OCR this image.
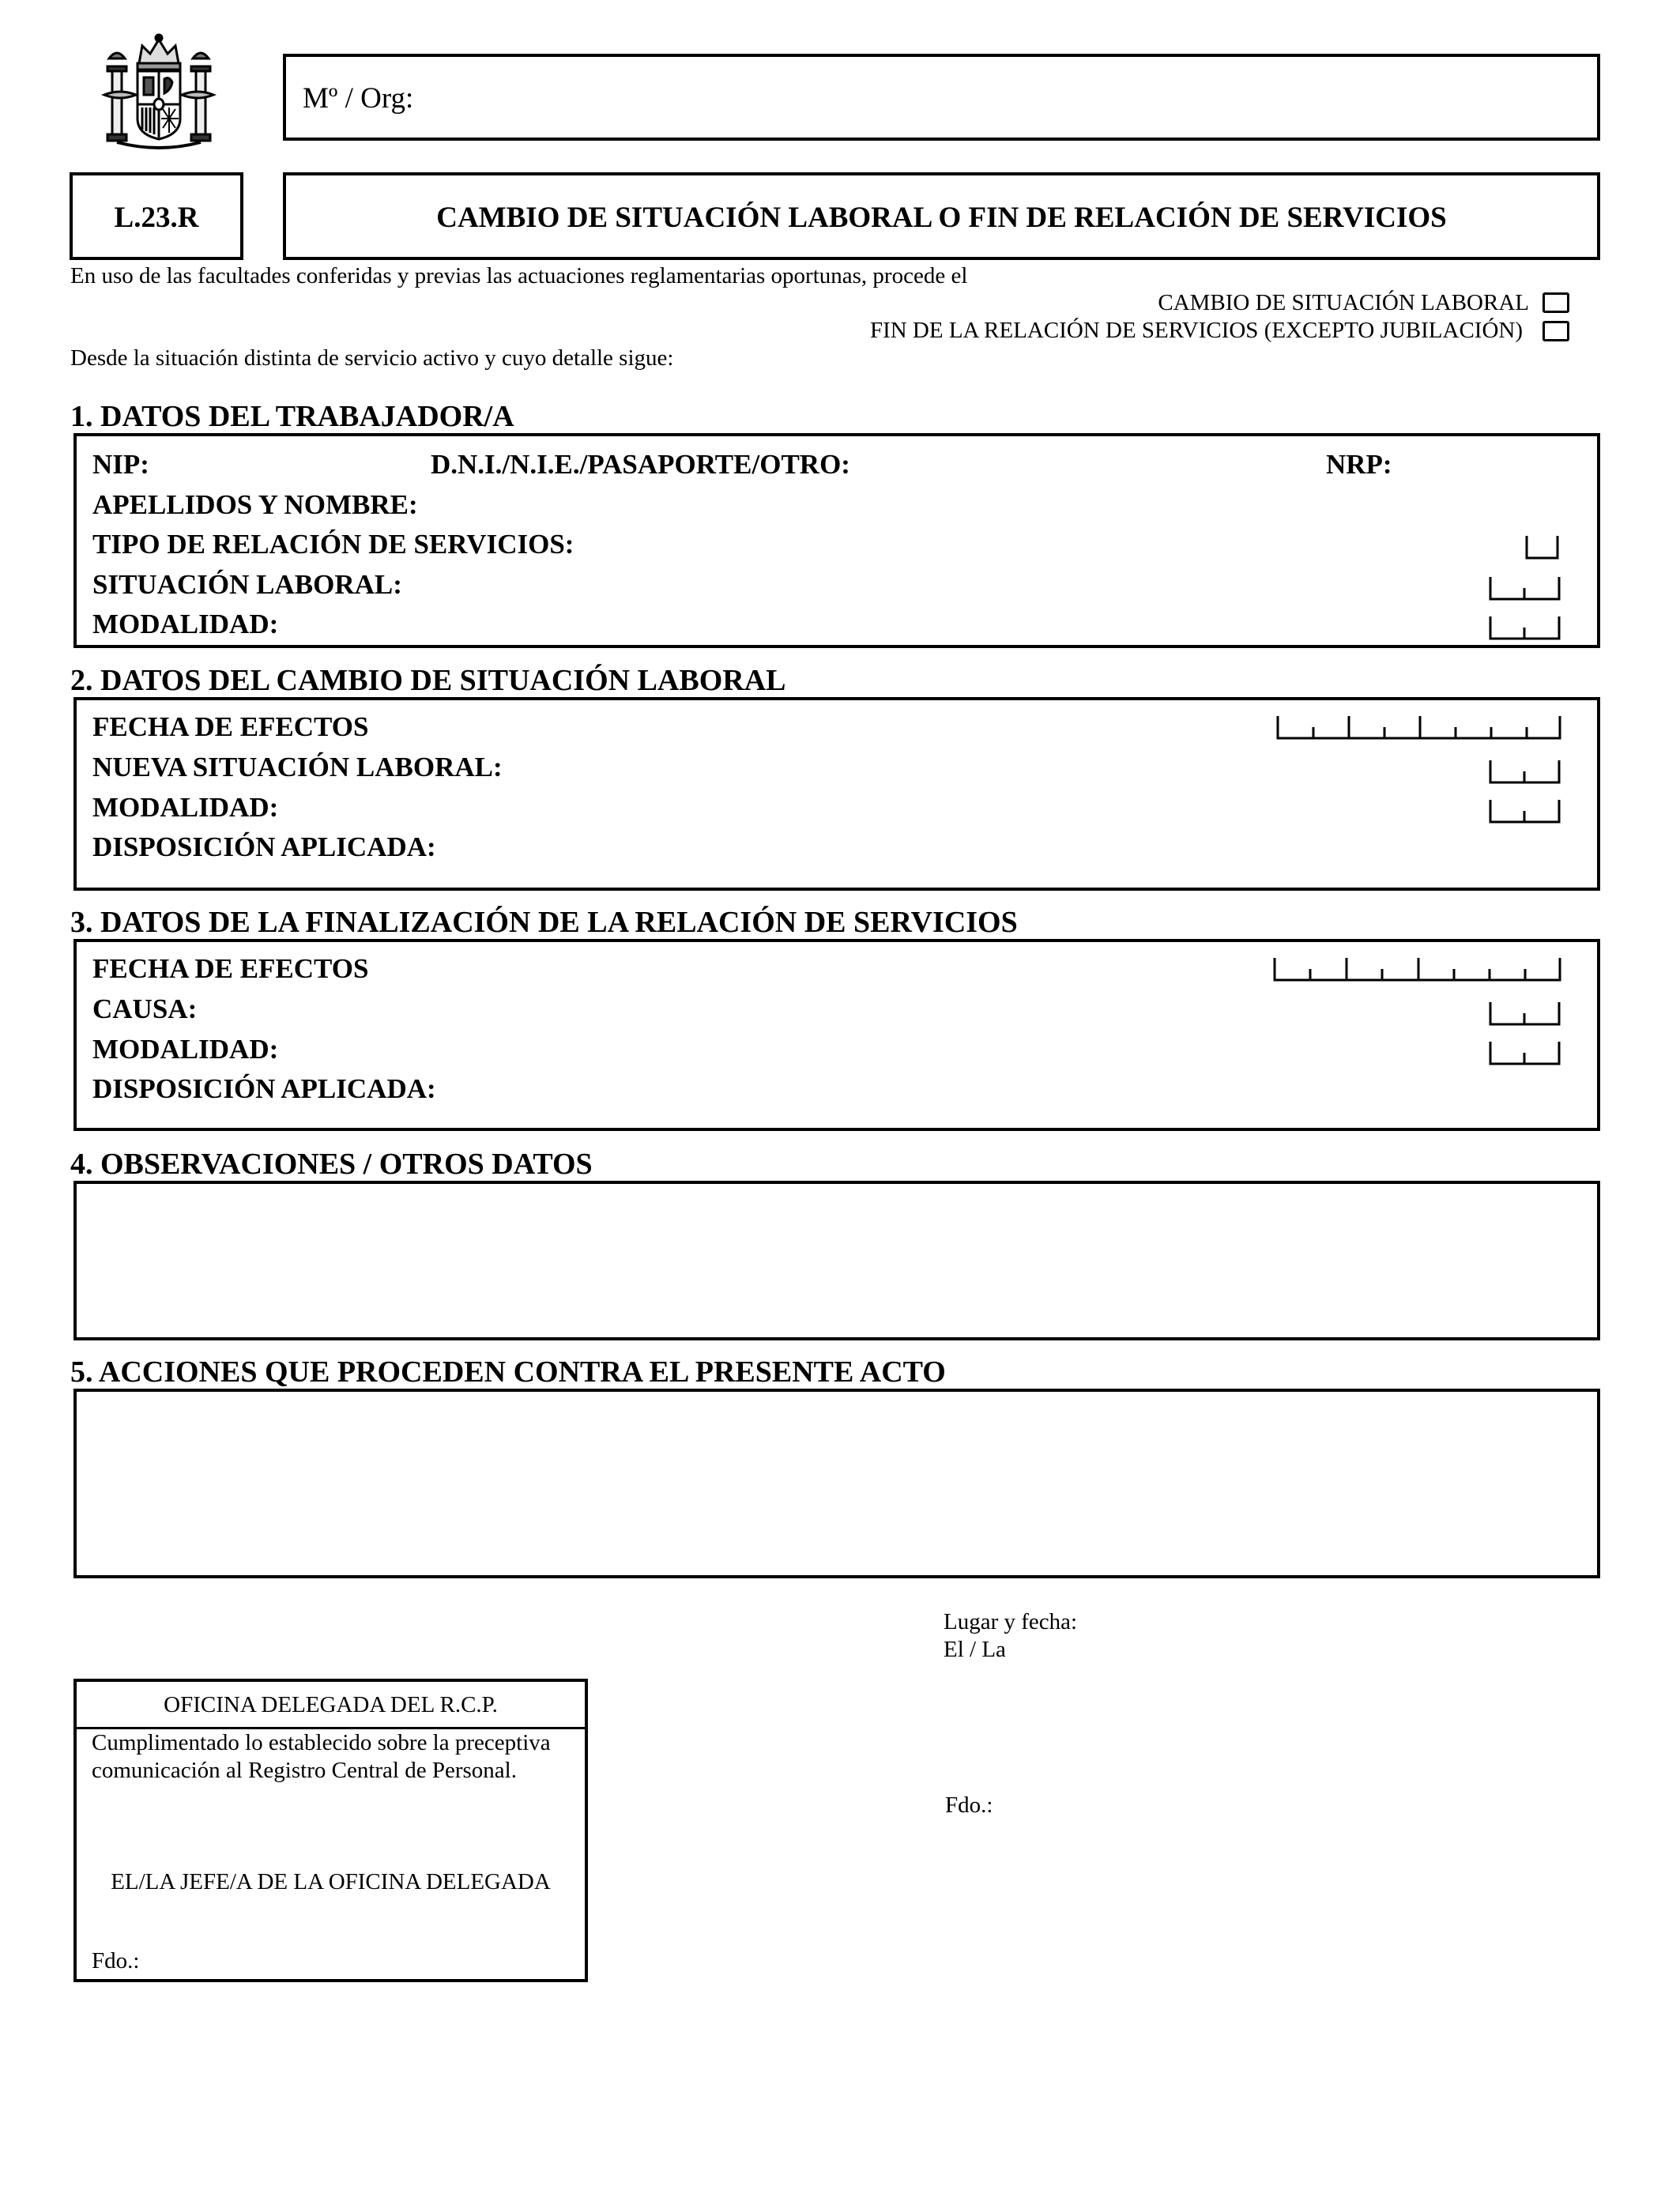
Mº / Org:
L.23.R	CAMBIO DE SITUACIÓN LABORAL O FIN DE RELACIÓN DE SERVICIOS
En uso de las facultades conferidas y previas las actuaciones reglamentarias oportunas, procede el
CAMBIO DE SITUACIÓN LABORAL
FIN DE LA RELACIÓN DE SERVICIOS (EXCEPTO JUBILACIÓN)
Desde la situación distinta de servicio activo y cuyo detalle sigue:
1. DATOS DEL TRABAJADOR/A
NIP:	D.N.I./N.I.E./PASAPORTE/OTRO:	NRP:
APELLIDOS Y NOMBRE:
TIPO DE RELACIÓN DE SERVICIOS:
SITUACIÓN LABORAL:
MODALIDAD:
2. DATOS DEL CAMBIO DE SITUACIÓN LABORAL
FECHA DE EFECTOS
NUEVA SITUACIÓN LABORAL:
MODALIDAD:
DISPOSICIÓN APLICADA:
3. DATOS DE LA FINALIZACIÓN DE LA RELACIÓN DE SERVICIOS
FECHA DE EFECTOS
CAUSA:
MODALIDAD:
DISPOSICIÓN APLICADA:
4. OBSERVACIONES / OTROS DATOS
5. ACCIONES QUE PROCEDEN CONTRA EL PRESENTE ACTO
Lugar y fecha:
El / La
Fdo.:
OFICINA DELEGADA DEL R.C.P.
Cumplimentado lo establecido sobre la preceptiva comunicación al Registro Central de Personal.
EL/LA JEFE/A DE LA OFICINA DELEGADA
Fdo.:
